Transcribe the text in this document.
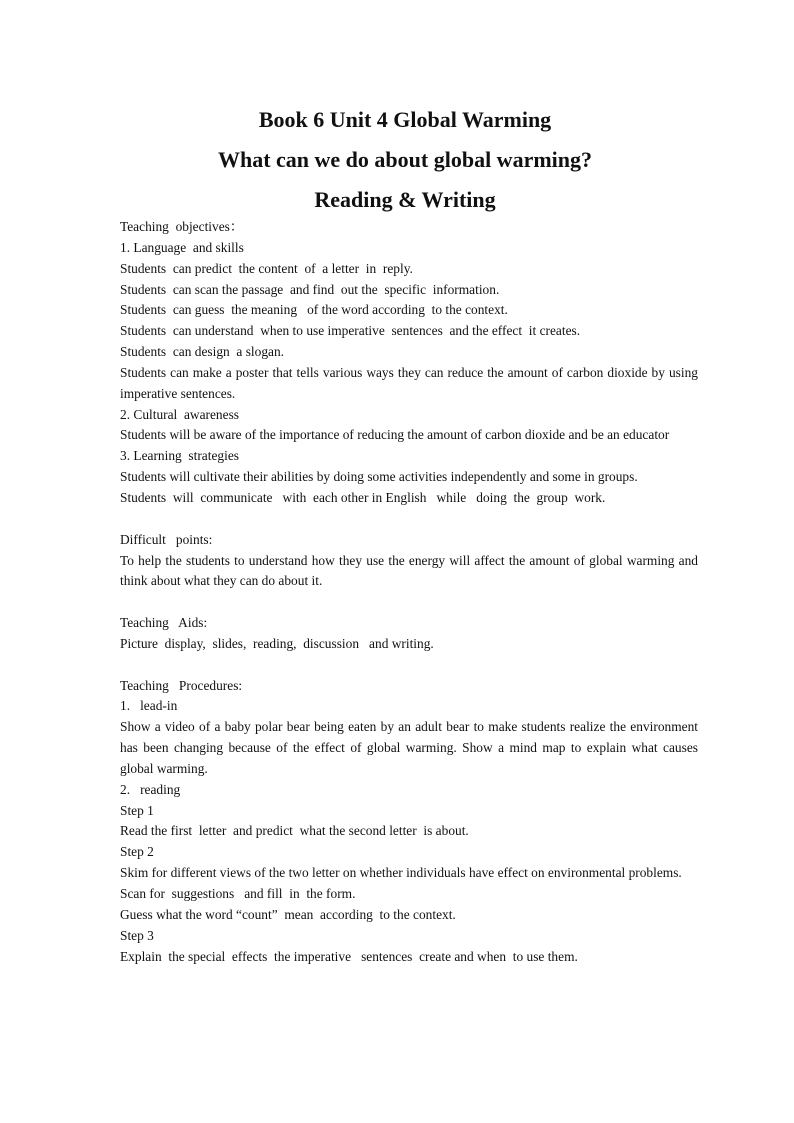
Book 6 Unit 4 Global Warming
What can we do about global warming?
Reading & Writing
Teaching  objectives：
1. Language  and skills
Students  can predict  the content  of  a letter  in  reply.
Students  can scan the passage  and find  out the  specific  information.
Students  can guess  the meaning   of the word according  to the context.
Students  can understand  when to use imperative  sentences  and the effect  it creates.
Students  can design  a slogan.
Students can make a poster that tells various ways they can reduce the amount of carbon dioxide by using imperative sentences.
2. Cultural  awareness
Students will be aware of the importance of reducing the amount of carbon dioxide and be an educator
3. Learning  strategies
Students will cultivate their abilities by doing some activities independently and some in groups.
Students  will  communicate   with  each other in English   while   doing  the  group  work.
Difficult   points:
To help the students to understand how they use the energy will affect the amount of global warming and think about what they can do about it.
Teaching   Aids:
Picture  display,  slides,  reading,  discussion   and writing.
Teaching   Procedures:
1.   lead-in
Show a video of a baby polar bear being eaten by an adult bear to make students realize the environment has been changing because of the effect of global warming. Show a mind map to explain what causes global warming.
2.   reading
Step 1
Read the first  letter  and predict  what the second letter  is about.
Step 2
Skim for different views of the two letter on whether individuals have effect on environmental problems.
Scan for  suggestions   and fill  in  the form.
Guess what the word “count”  mean  according  to the context.
Step 3
Explain  the special  effects  the imperative   sentences  create and when  to use them.
